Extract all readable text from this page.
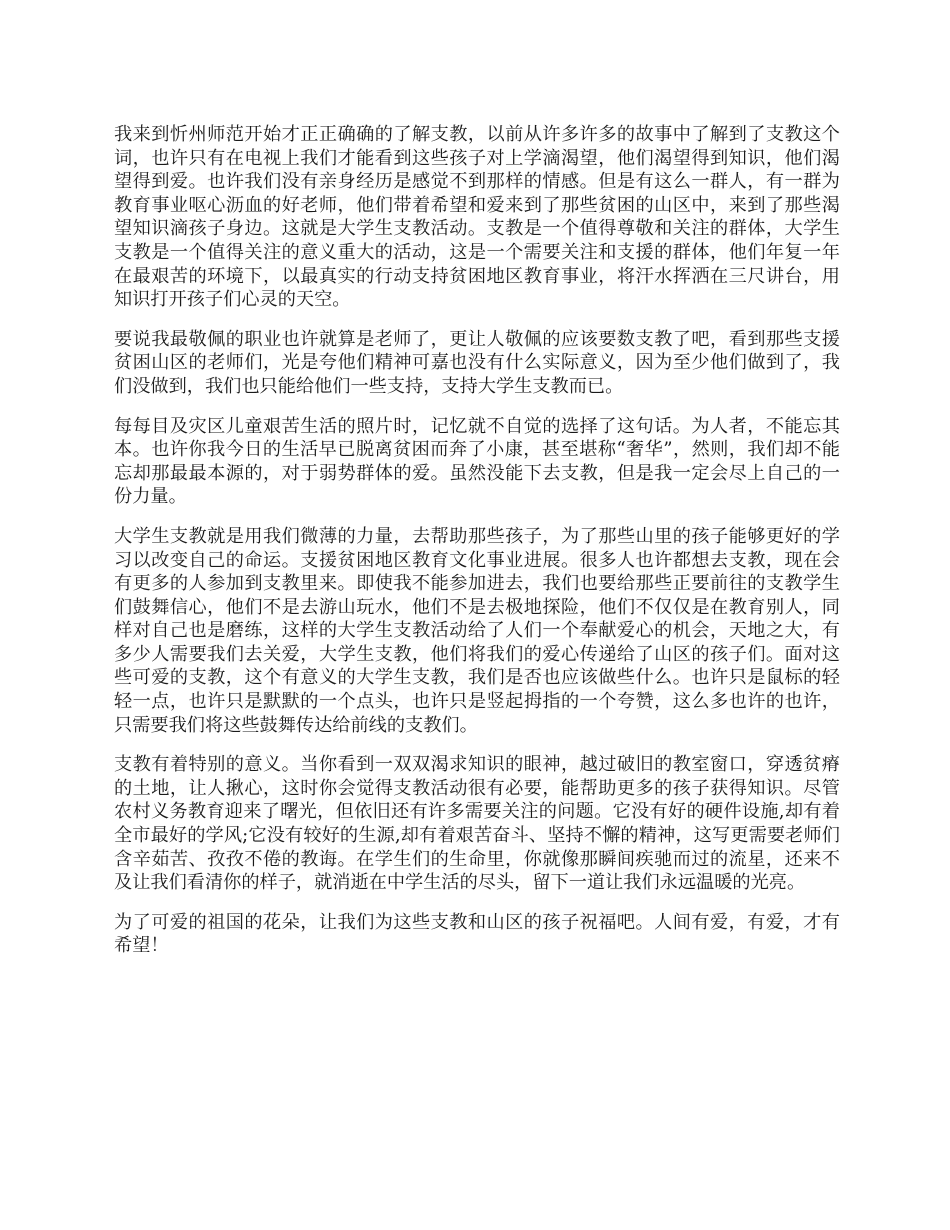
我来到忻州师范开始才正正确确的了解支教，以前从许多许多的故事中了解到了支教这个词，也许只有在电视上我们才能看到这些孩子对上学滴渴望，他们渴望得到知识，他们渴望得到爱。也许我们没有亲身经历是感觉不到那样的情感。但是有这么一群人，有一群为教育事业呕心沥血的好老师，他们带着希望和爱来到了那些贫困的山区中，来到了那些渴望知识滴孩子身边。这就是大学生支教活动。支教是一个值得尊敬和关注的群体，大学生支教是一个值得关注的意义重大的活动，这是一个需要关注和支援的群体，他们年复一年在最艰苦的环境下，以最真实的行动支持贫困地区教育事业，将汗水挥洒在三尺讲台，用知识打开孩子们心灵的天空。

要说我最敬佩的职业也许就算是老师了，更让人敬佩的应该要数支教了吧，看到那些支援贫困山区的老师们，光是夸他们精神可嘉也没有什么实际意义，因为至少他们做到了，我们没做到，我们也只能给他们一些支持，支持大学生支教而已。

每每目及灾区儿童艰苦生活的照片时，记忆就不自觉的选择了这句话。为人者，不能忘其本。也许你我今日的生活早已脱离贫困而奔了小康，甚至堪称“奢华”，然则，我们却不能忘却那最最本源的，对于弱势群体的爱。虽然没能下去支教，但是我一定会尽上自己的一份力量。

大学生支教就是用我们微薄的力量，去帮助那些孩子，为了那些山里的孩子能够更好的学习以改变自己的命运。支援贫困地区教育文化事业进展。很多人也许都想去支教，现在会有更多的人参加到支教里来。即使我不能参加进去，我们也要给那些正要前往的支教学生们鼓舞信心，他们不是去游山玩水，他们不是去极地探险，他们不仅仅是在教育别人，同样对自己也是磨练，这样的大学生支教活动给了人们一个奉献爱心的机会，天地之大，有多少人需要我们去关爱，大学生支教，他们将我们的爱心传递给了山区的孩子们。面对这些可爱的支教，这个有意义的大学生支教，我们是否也应该做些什么。也许只是鼠标的轻轻一点，也许只是默默的一个点头，也许只是竖起拇指的一个夸赞，这么多也许的也许，只需要我们将这些鼓舞传达给前线的支教们。

支教有着特别的意义。当你看到一双双渴求知识的眼神，越过破旧的教室窗口，穿透贫瘠的土地，让人揪心，这时你会觉得支教活动很有必要，能帮助更多的孩子获得知识。尽管农村义务教育迎来了曙光，但依旧还有许多需要关注的问题。它没有好的硬件设施,却有着全市最好的学风;它没有较好的生源,却有着艰苦奋斗、坚持不懈的精神，这写更需要老师们含辛茹苦、孜孜不倦的教诲。在学生们的生命里，你就像那瞬间疾驰而过的流星，还来不及让我们看清你的样子，就消逝在中学生活的尽头，留下一道让我们永远温暖的光亮。

为了可爱的祖国的花朵，让我们为这些支教和山区的孩子祝福吧。人间有爱，有爱，才有希望！
